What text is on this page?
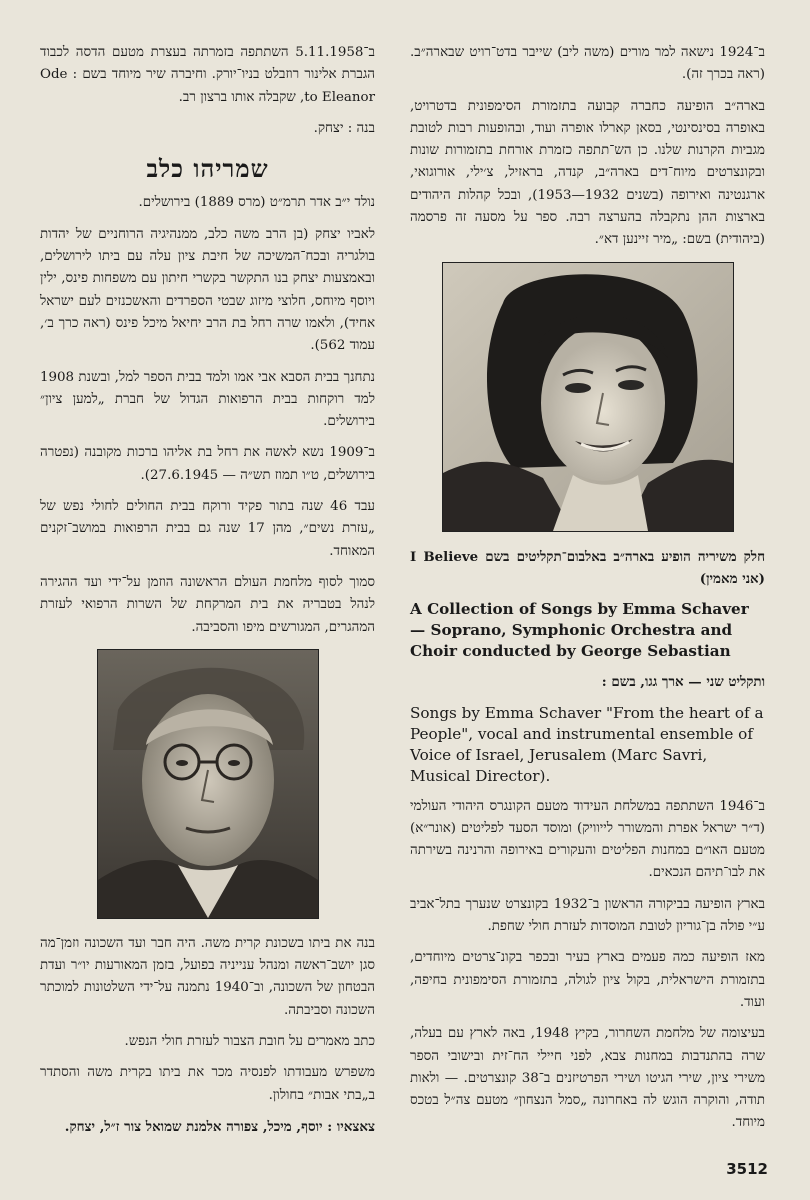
ב־1924 נישאה למר מורים (משה ליב) שייבר בדט־רויט שבארה״ב. (ראה בכרך זה).

בארה״ב הופיעה כחברה קבועה בתזמורת הסימפונית בדטרויט, באופרה בסינסינטי, בסאן קארלו אופרה ועוד, ובהופעות רבות לטובת מגביות הקרנות שלנו. כן הש־תתפה כזמרת אורחת בתזמורות שונות ובקונצרטים מיוח־דים בארה״ב, קנדה, בראזיל, צ׳ילי, אורוגואי, ארגנטינה ואירופה (בשנים 1932—1953), ובכל קהלות היהודים בארצות ההן נתקבלה בהערצה רבה. ספר על מסעה זה פרסמה (ביהודית) בשם: „מיר זיינען דא״.

חלק משיריה הופיע בארה״ב באלבום־תקליטים בשם I Believe (אני מאמין)

A Collection of Songs by Emma Schaver — Soprano, Symphonic Orchestra and Choir conducted by George Sebastian

ותקליט שני — ארך גגו, בשם :

Songs by Emma Schaver "From the heart of a People", vocal and instrumental ensemble of Voice of Israel, Jerusalem (Marc Savri, Musical Director).

ב־1946 השתתפה במשלחת העידוד מטעם הקונגרס היהודי העולמי (ד״ר ישראל אפרת והמשורר לייוויק) ומוסד הסעד לפליטים (אונר״א) מטעם האו״ם במחנות הפליטים והעקורים באירופה והרנינה בשירתה את לבו־תיהם הנכאים.

בארץ הופיעה בביקורה הראשון ב־1932 בקונצרט שנערך בתל־אביב ע״י פולה בן־גוריון לטובת המוסדות לעזרת חולי שחפת.

מאז הופיעה כמה פעמים בארץ בעיר ובכפר בקונ־צרטים מיוחדים, בתזמורת הישראלית, בקול ציון לגולה, בתזמורת הסימפונית בחיפה, ועוד.

בעיצומה של מלחמת השחרור, בקיץ 1948, באה לארץ עם בעלה, שרה בהתנדבות במחנות צבא, לפני חיילי הח־זית ובישובי הספר משירי ציון, שירי הגיטו ושירי הפרטיזנים ב־38 קונצרטים. — ולאות תודה, והוקרה הוגש לה באחרונה „סמל הנצחון״ מטעם צה״ל בטכס מיוחד.

ב־5.11.1958 השתתפה בזמרתה בעצרת מטעם הדסה לכבוד הגברת אלינור רוזבלט בניו־יורק. וחיברה שיר מיוחד בשם : Ode to Eleanor, שקבלה אותו ברצון רב.

בנה : יצחק.

שמריהו כלב

נולד י״ב אדר תרמ״ט (מרס 1889) בירושלים.

לאביו יצחק (בן הרב משה כלב, ממנהיגיה הרוחניים של יהדות בולגריה ובכח־המשיכה של חיבת ציון עלה עם ביתו לירושלים, ובאמצעות יצחק בנו התקשר בקשרי חיתון עם משפחות פינס, ילין ויוסף מיוחס, חלוצי מיזוג שבטי הספרדים והאשכנזים לעם ישראל אחיד), ולאמו שרה רחל בת הרב יחיאל מיכל פינס (ראה כרך ב׳, עמוד 562).

נתחנך בבית הסבא אבי אמו ולמד בבית הספר למל, ובשנת 1908 למד רוקחות בבית הרפואות הגדול של חברת „למען ציון״ בירושלים.

ב־1909 נשא לאשה את רחל בת אליהו ברכות מקובנה (נפטרה בירושלים, ט״ו תמוז תש״ה — 27.6.1945).

עבד 46 שנה בתור פקיד ורוקח בבית החולים לחולי נפש של „עזרת נשים״, מהן 17 שנה גם בבית הרפואות במושב־זקנים המאוחד.

סמוך לסוף מלחמת העולם הראשונה הוזמן על־ידי ועד ההגירה לנהל בטבריה את בית המרקחת של השרות הרפואי לעזרת המהגרים, המגורשים מיפו והסביבה.

בנה את ביתו בשכונת קרית משה. היה חבר ועד השכונה וזמן־מה סגן יושב־ראשה ומנהל ענייניה בפועל, בזמן המאורעות יו״ר ועדת הבטחון של השכונה, וב־1940 נתמנה על־ידי השלטונות למוכתר השכונה וסביבתה.

כתב מאמרים על חובת הצבור לעזרת חולי הנפש.

משפרש מעבודתו לפנסיה מכר את ביתו בקרית משה והסתדר ב„בתי אבות״ בחולון.

צאצאיו : יוסף, מיכל, צפורה אלמנת שמואל צור ז״ל, יצחק.

3512
